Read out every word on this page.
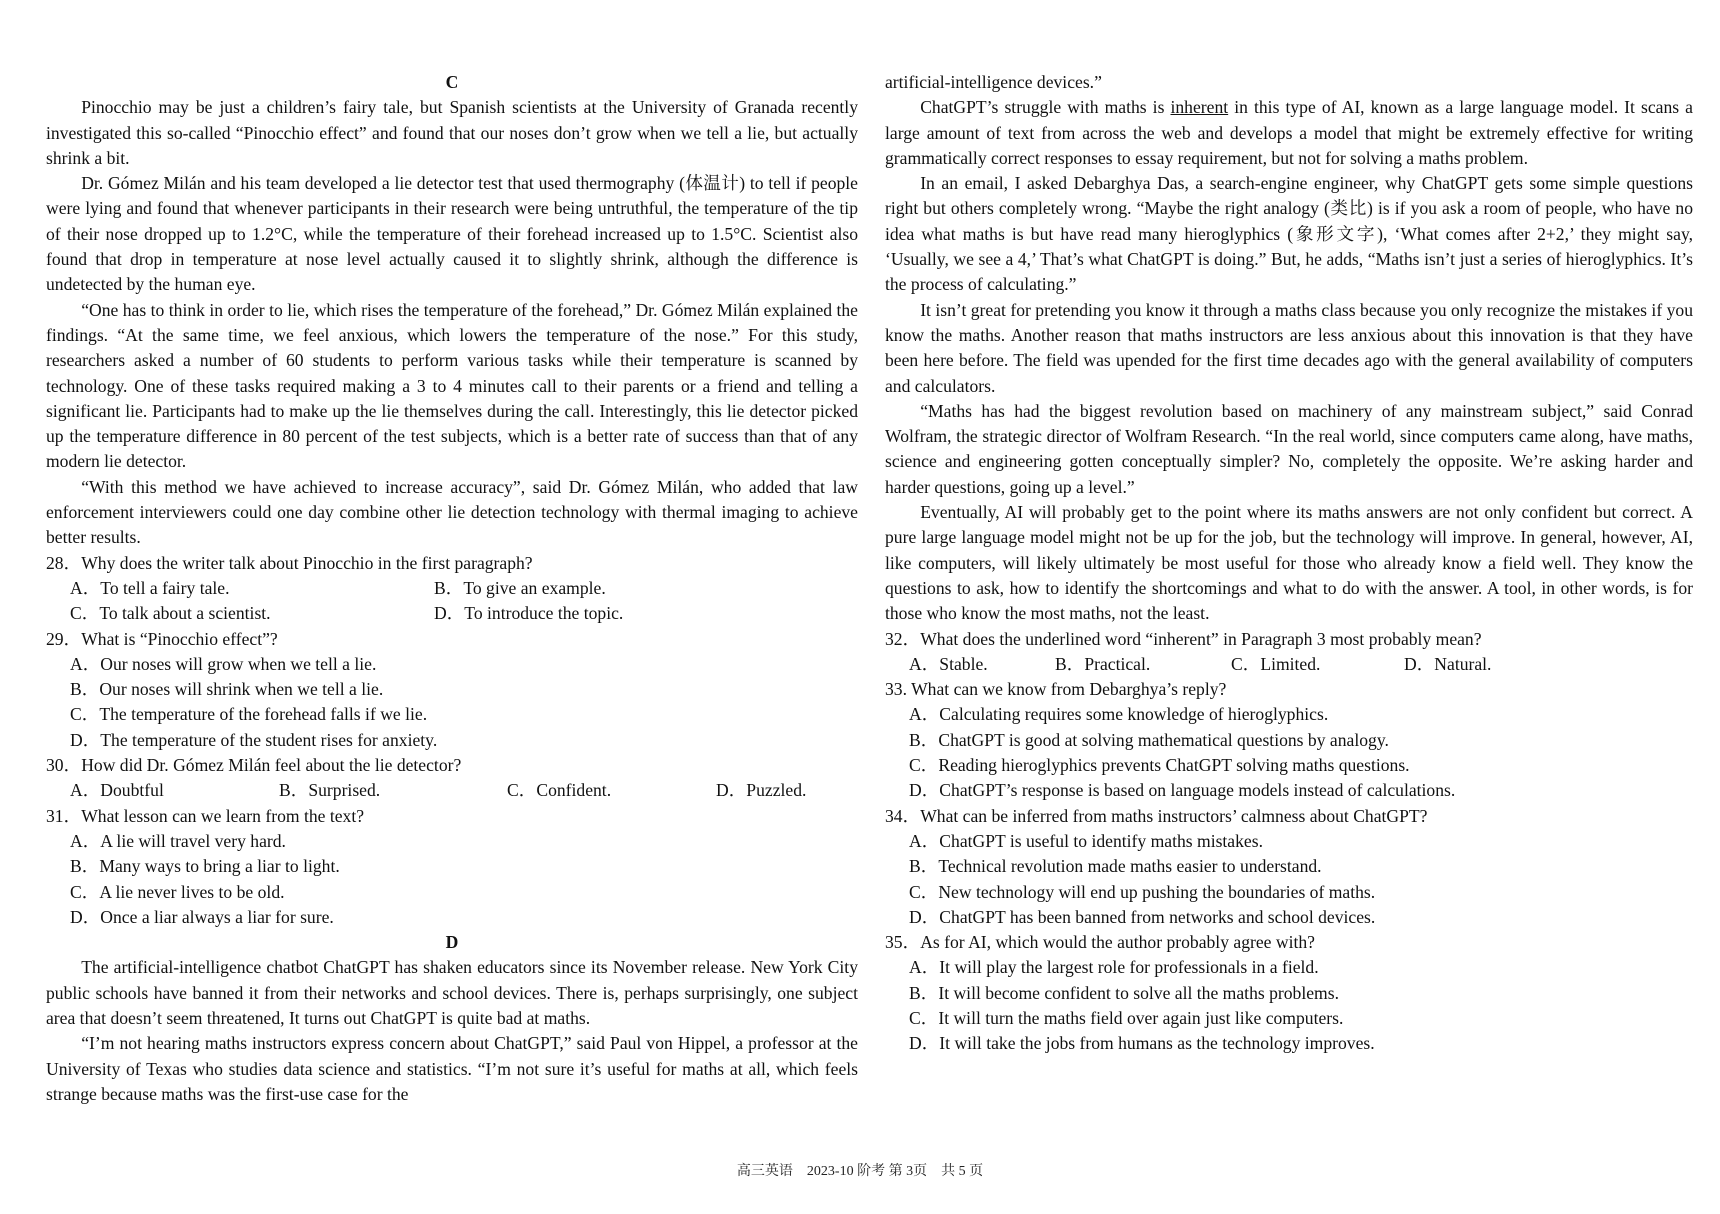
C

Pinocchio may be just a children’s fairy tale, but Spanish scientists at the University of Granada recently investigated this so-called “Pinocchio effect” and found that our noses don’t grow when we tell a lie, but actually shrink a bit.

Dr. Gómez Milán and his team developed a lie detector test that used thermography (体温计) to tell if people were lying and found that whenever participants in their research were being untruthful, the temperature of the tip of their nose dropped up to 1.2°C, while the temperature of their forehead increased up to 1.5°C. Scientist also found that drop in temperature at nose level actually caused it to slightly shrink, although the difference is undetected by the human eye.

“One has to think in order to lie, which rises the temperature of the forehead,” Dr. Gómez Milán explained the findings. “At the same time, we feel anxious, which lowers the temperature of the nose.” For this study, researchers asked a number of 60 students to perform various tasks while their temperature is scanned by technology. One of these tasks required making a 3 to 4 minutes call to their parents or a friend and telling a significant lie. Participants had to make up the lie themselves during the call. Interestingly, this lie detector picked up the temperature difference in 80 percent of the test subjects, which is a better rate of success than that of any modern lie detector.

“With this method we have achieved to increase accuracy”, said Dr. Gómez Milán, who added that law enforcement interviewers could one day combine other lie detection technology with thermal imaging to achieve better results.

28．Why does the writer talk about Pinocchio in the first paragraph?

A．To tell a fairy tale.	B．To give an example.
C．To talk about a scientist.	D．To introduce the topic.

29．What is “Pinocchio effect”?

A．Our noses will grow when we tell a lie.

B．Our noses will shrink when we tell a lie.

C．The temperature of the forehead falls if we lie.

D．The temperature of the student rises for anxiety.

30．How did Dr. Gómez Milán feel about the lie detector?

A．Doubtful	B．Surprised.	C．Confident.	D．Puzzled.

31．What lesson can we learn from the text?

A．A lie will travel very hard.

B．Many ways to bring a liar to light.

C．A lie never lives to be old.

D．Once a liar always a liar for sure.

D

The artificial-intelligence chatbot ChatGPT has shaken educators since its November release. New York City public schools have banned it from their networks and school devices. There is, perhaps surprisingly, one subject area that doesn’t seem threatened, It turns out ChatGPT is quite bad at maths.

“I’m not hearing maths instructors express concern about ChatGPT,” said Paul von Hippel, a professor at the University of Texas who studies data science and statistics. “I’m not sure it’s useful for maths at all, which feels strange because maths was the first-use case for the

artificial-intelligence devices.”

ChatGPT’s struggle with maths is inherent in this type of AI, known as a large language model. It scans a large amount of text from across the web and develops a model that might be extremely effective for writing grammatically correct responses to essay requirement, but not for solving a maths problem.

In an email, I asked Debarghya Das, a search-engine engineer, why ChatGPT gets some simple questions right but others completely wrong. “Maybe the right analogy (类比) is if you ask a room of people, who have no idea what maths is but have read many hieroglyphics (象形文字), ‘What comes after 2+2,’ they might say, ‘Usually, we see a 4,’ That’s what ChatGPT is doing.” But, he adds, “Maths isn’t just a series of hieroglyphics. It’s the process of calculating.”

It isn’t great for pretending you know it through a maths class because you only recognize the mistakes if you know the maths. Another reason that maths instructors are less anxious about this innovation is that they have been here before. The field was upended for the first time decades ago with the general availability of computers and calculators.

“Maths has had the biggest revolution based on machinery of any mainstream subject,” said Conrad Wolfram, the strategic director of Wolfram Research. “In the real world, since computers came along, have maths, science and engineering gotten conceptually simpler? No, completely the opposite. We’re asking harder and harder questions, going up a level.”

Eventually, AI will probably get to the point where its maths answers are not only confident but correct. A pure large language model might not be up for the job, but the technology will improve. In general, however, AI, like computers, will likely ultimately be most useful for those who already know a field well. They know the questions to ask, how to identify the shortcomings and what to do with the answer. A tool, in other words, is for those who know the most maths, not the least.

32．What does the underlined word “inherent” in Paragraph 3 most probably mean?

A．Stable.	B．Practical.	C．Limited.	D．Natural.

33. What can we know from Debarghya’s reply?

A．Calculating requires some knowledge of hieroglyphics.

B．ChatGPT is good at solving mathematical questions by analogy.

C．Reading hieroglyphics prevents ChatGPT solving maths questions.

D．ChatGPT’s response is based on language models instead of calculations.

34．What can be inferred from maths instructors’ calmness about ChatGPT?

A．ChatGPT is useful to identify maths mistakes.

B．Technical revolution made maths easier to understand.

C．New technology will end up pushing the boundaries of maths.

D．ChatGPT has been banned from networks and school devices.

35．As for AI, which would the author probably agree with?

A．It will play the largest role for professionals in a field.

B．It will become confident to solve all the maths problems.

C．It will turn the maths field over again just like computers.

D．It will take the jobs from humans as the technology improves.

高三英语　2023-10 阶考 第 3页　共 5 页
